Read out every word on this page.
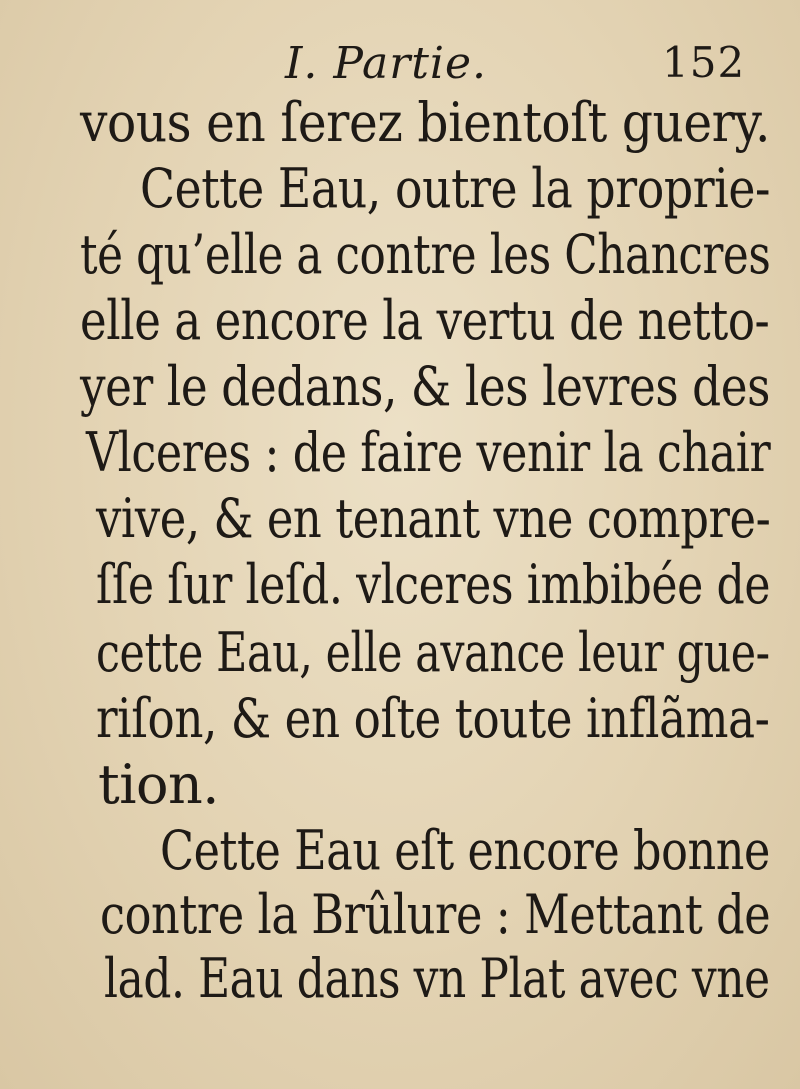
I. Partie.	152
vous en ſerez bientoſt guery.
Cette Eau, outre la proprie-
té qu’elle a contre les Chancres
elle a encore la vertu de netto-
yer le dedans, & les levres des
Vlceres : de faire venir la chair
vive, & en tenant vne compre-
ſſe ſur leſd. vlceres imbibée de
cette Eau, elle avance leur gue-
riſon, & en oſte toute inflãma-
tion.
Cette Eau eſt encore bonne
contre la Brûlure : Mettant de
lad. Eau dans vn Plat avec vne
